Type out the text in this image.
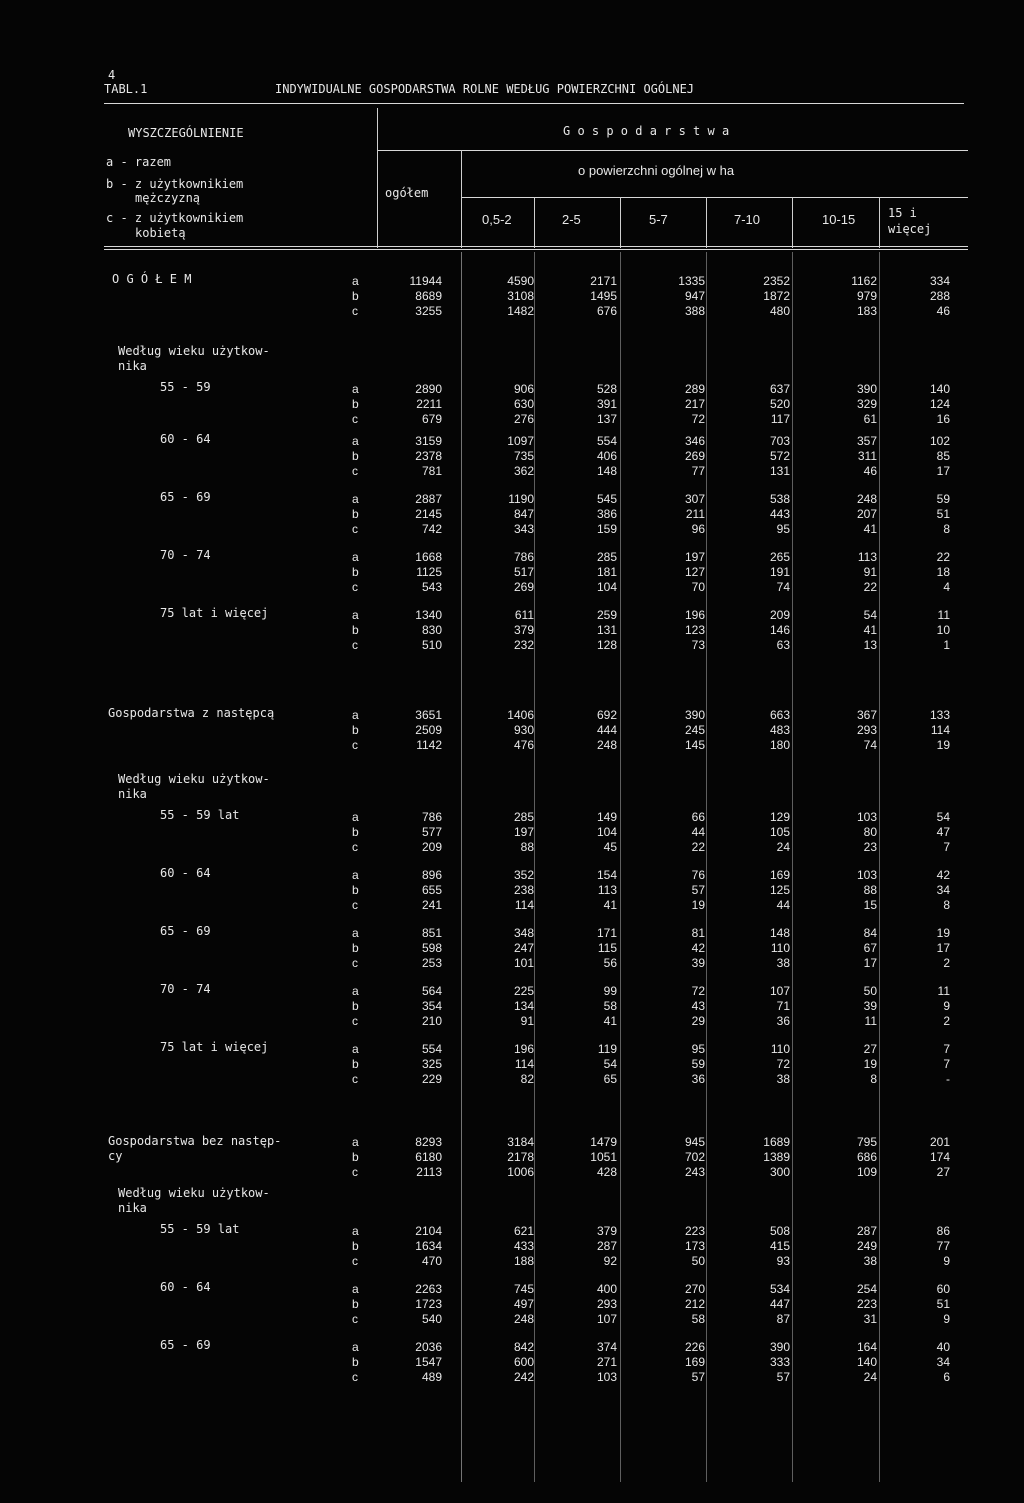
4
TABL.1	INDYWIDUALNE GOSPODARSTWA ROLNE WEDŁUG POWIERZCHNI OGÓLNEJ
WYSZCZEGÓLNIENIE
a - razem
b - z użytkownikiem
mężczyzną
c - z użytkownikiem
kobietą
G o s p o d a r s t w a
o powierzchni ogólnej w ha
ogółem
0,5-2	2-5	5-7	7-10	10-15	15 i
więcej
O G Ó Ł E M	a	11944	4590	2171	1335	2352	1162	334
b	8689	3108	1495	947	1872	979	288
c	3255	1482	676	388	480	183	46
Według wieku użytkow-
nika
55 - 59	a	2890	906	528	289	637	390	140
b	2211	630	391	217	520	329	124
c	679	276	137	72	117	61	16
60 - 64	a	3159	1097	554	346	703	357	102
b	2378	735	406	269	572	311	85
c	781	362	148	77	131	46	17
65 - 69	a	2887	1190	545	307	538	248	59
b	2145	847	386	211	443	207	51
c	742	343	159	96	95	41	8
70 - 74	a	1668	786	285	197	265	113	22
b	1125	517	181	127	191	91	18
c	543	269	104	70	74	22	4
75 lat i więcej	a	1340	611	259	196	209	54	11
b	830	379	131	123	146	41	10
c	510	232	128	73	63	13	1
Gospodarstwa z następcą	a	3651	1406	692	390	663	367	133
b	2509	930	444	245	483	293	114
c	1142	476	248	145	180	74	19
Według wieku użytkow-
nika
55 - 59 lat	a	786	285	149	66	129	103	54
b	577	197	104	44	105	80	47
c	209	88	45	22	24	23	7
60 - 64	a	896	352	154	76	169	103	42
b	655	238	113	57	125	88	34
c	241	114	41	19	44	15	8
65 - 69	a	851	348	171	81	148	84	19
b	598	247	115	42	110	67	17
c	253	101	56	39	38	17	2
70 - 74	a	564	225	99	72	107	50	11
b	354	134	58	43	71	39	9
c	210	91	41	29	36	11	2
75 lat i więcej	a	554	196	119	95	110	27	7
b	325	114	54	59	72	19	7
c	229	82	65	36	38	8	-
Gospodarstwa bez następ-
cy
a	8293	3184	1479	945	1689	795	201
b	6180	2178	1051	702	1389	686	174
c	2113	1006	428	243	300	109	27
Według wieku użytkow-
nika
55 - 59 lat	a	2104	621	379	223	508	287	86
b	1634	433	287	173	415	249	77
c	470	188	92	50	93	38	9
60 - 64	a	2263	745	400	270	534	254	60
b	1723	497	293	212	447	223	51
c	540	248	107	58	87	31	9
65 - 69	a	2036	842	374	226	390	164	40
b	1547	600	271	169	333	140	34
c	489	242	103	57	57	24	6
